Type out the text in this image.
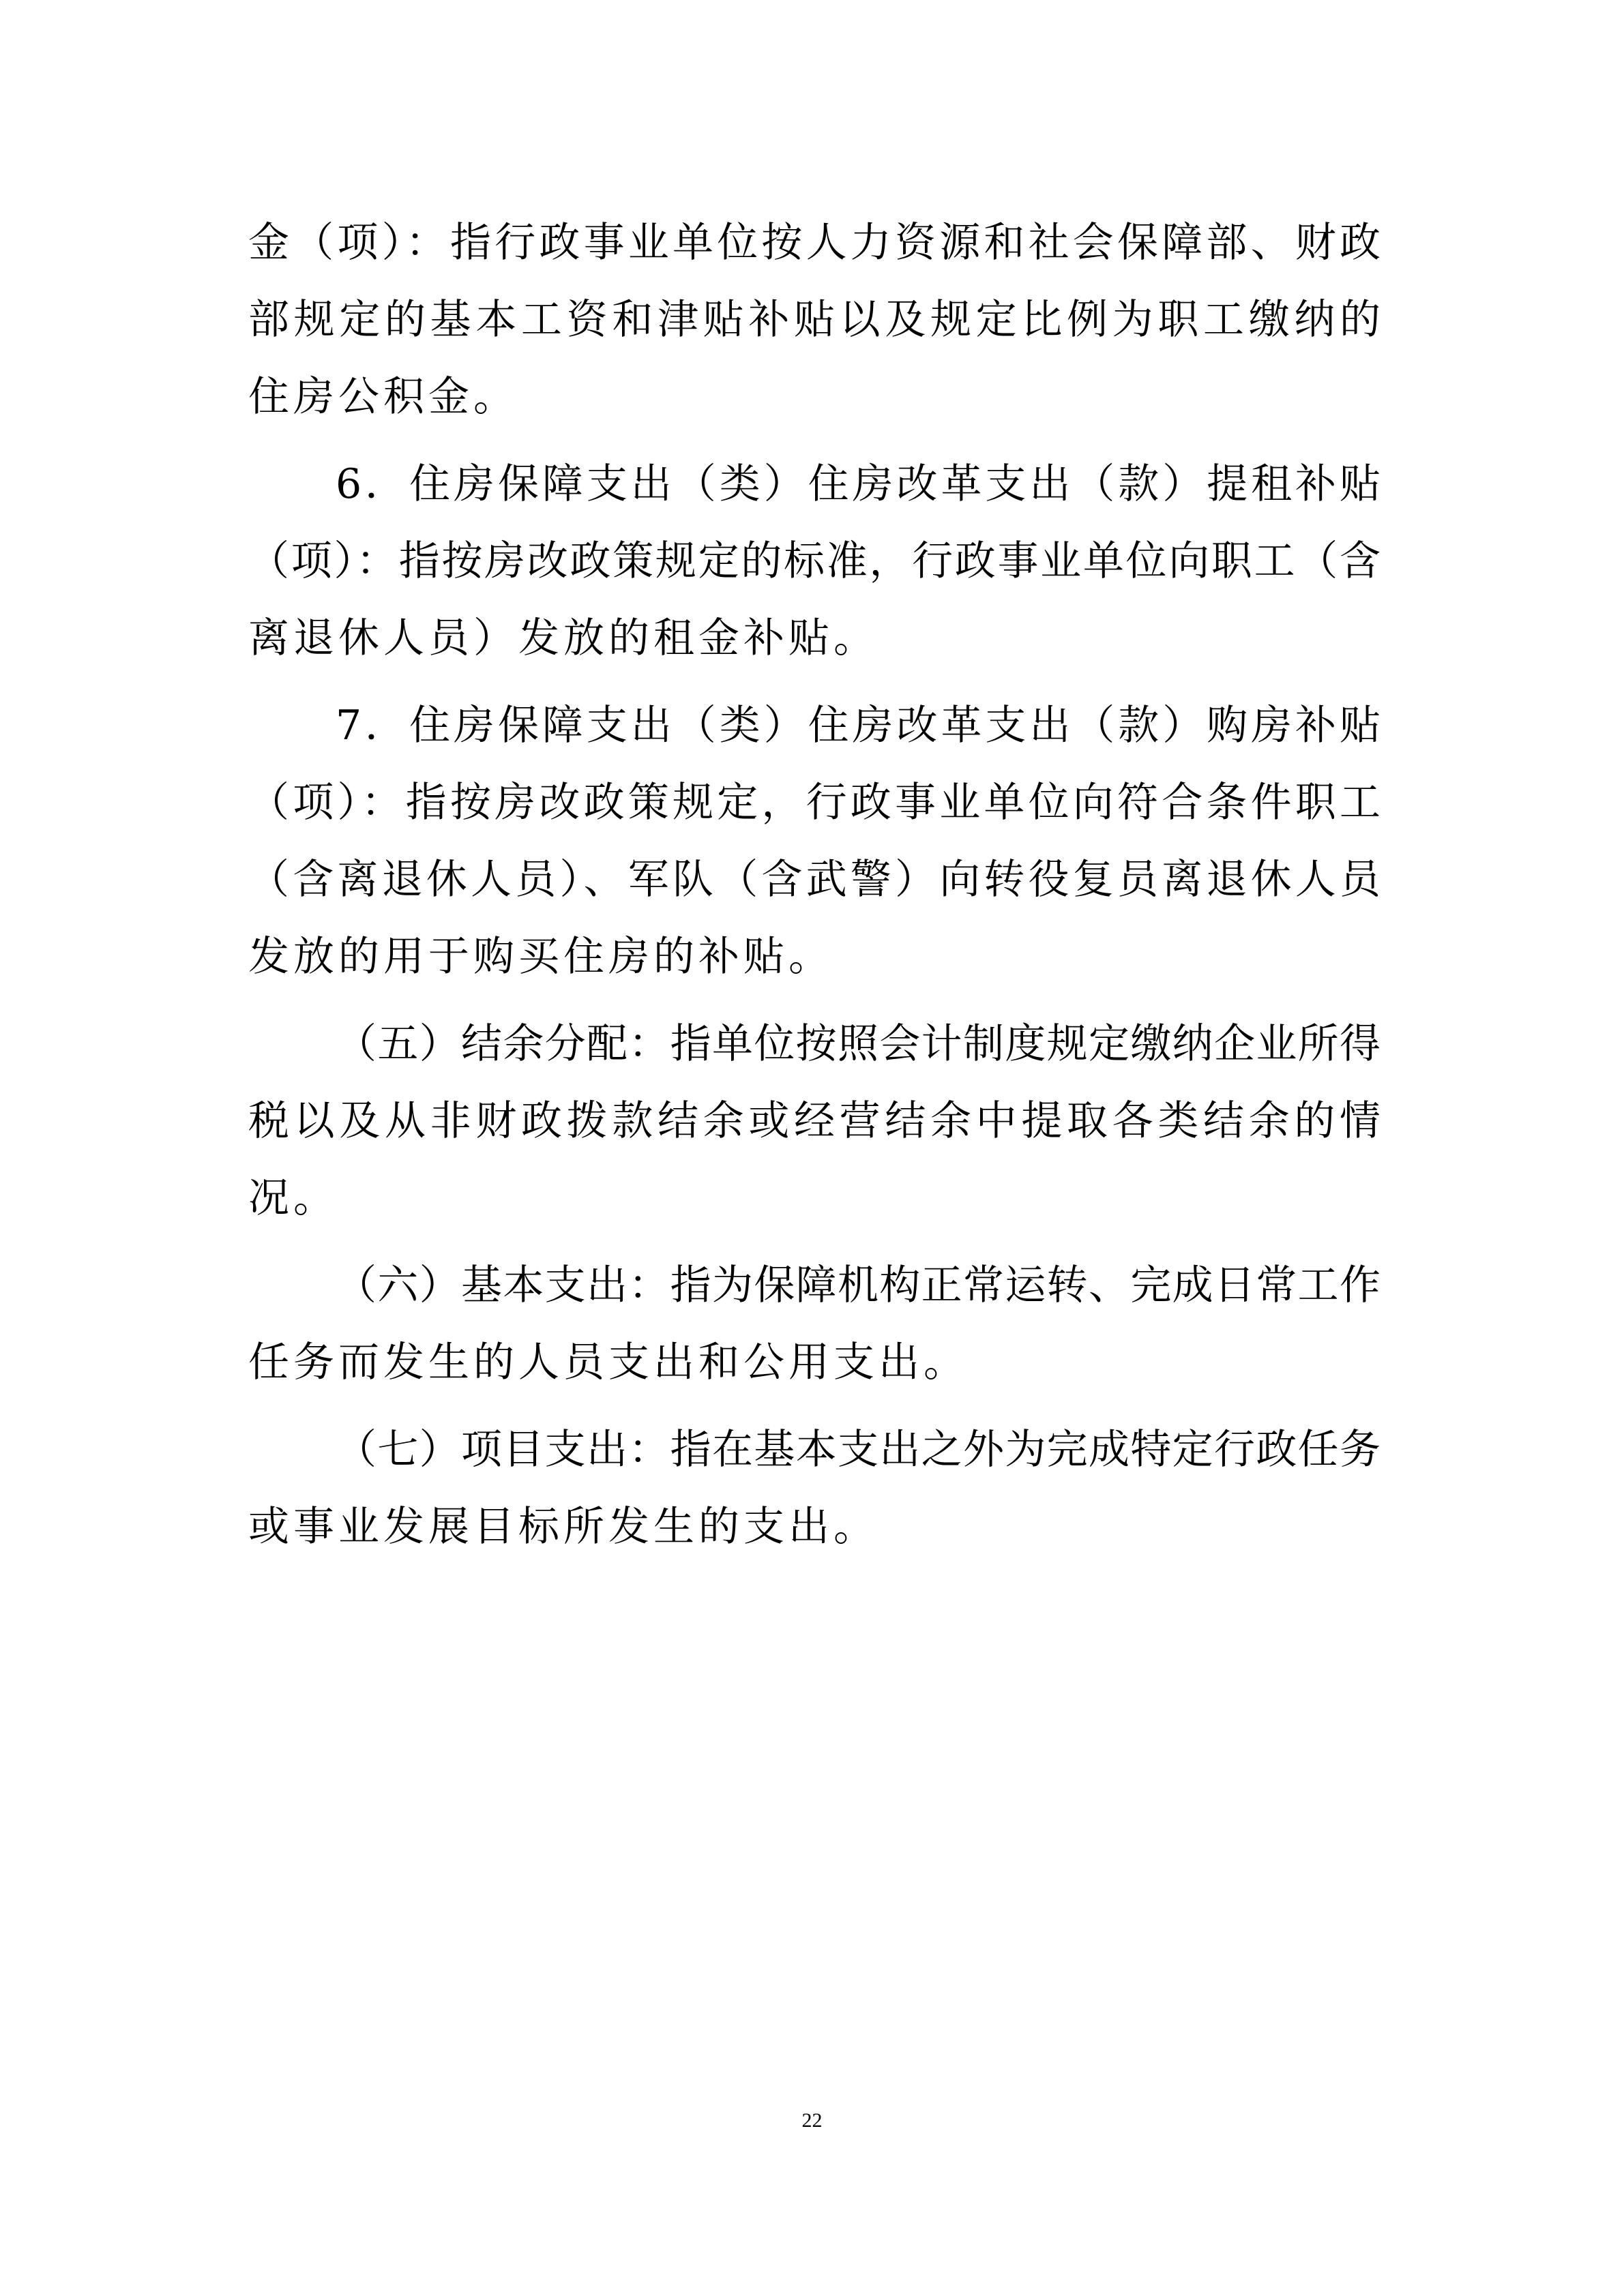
金（项）：指行政事业单位按人力资源和社会保障部、财政
部规定的基本工资和津贴补贴以及规定比例为职工缴纳的
住房公积金。
6．住房保障支出（类）住房改革支出（款）提租补贴
（项）：指按房改政策规定的标准，行政事业单位向职工（含
离退休人员）发放的租金补贴。
7．住房保障支出（类）住房改革支出（款）购房补贴
（项）：指按房改政策规定，行政事业单位向符合条件职工
（含离退休人员）、军队（含武警）向转役复员离退休人员
发放的用于购买住房的补贴。
（五）结余分配：指单位按照会计制度规定缴纳企业所得
税以及从非财政拨款结余或经营结余中提取各类结余的情
况。
（六）基本支出：指为保障机构正常运转、完成日常工作
任务而发生的人员支出和公用支出。
（七）项目支出：指在基本支出之外为完成特定行政任务
或事业发展目标所发生的支出。
22
